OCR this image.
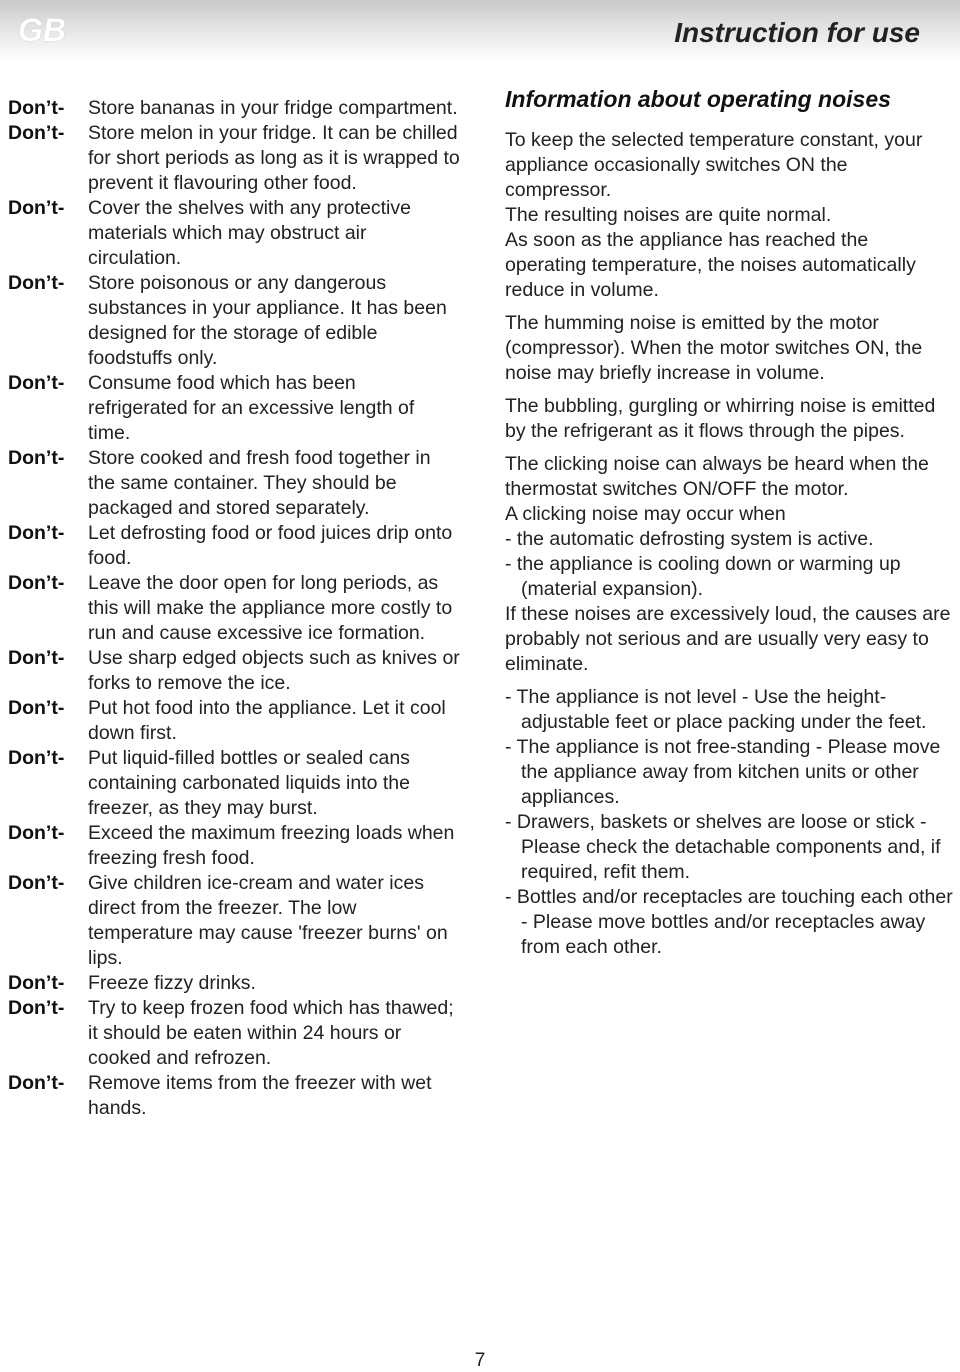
GB	Instruction for use
Don’t-	Store bananas in your fridge compartment.
Don’t-	Store melon in your fridge. It can be chilled for short periods as long as it is wrapped to prevent it flavouring other food.
Don’t-	Cover the shelves with any protective materials which may obstruct air circulation.
Don’t-	Store poisonous or any dangerous substances in your appliance. It has been designed for the storage of edible foodstuffs only.
Don’t-	Consume food which has been refrigerated for an excessive length of time.
Don’t-	Store cooked and fresh food together in the same container. They should be packaged and stored separately.
Don’t-	Let defrosting food or food juices drip onto food.
Don’t-	Leave the door open for long periods, as this will make the appliance more costly to run and cause excessive ice formation.
Don’t-	Use sharp edged objects such as knives or forks to remove the ice.
Don’t-	Put hot food into the appliance. Let it cool down first.
Don’t-	Put liquid-filled bottles or sealed cans containing carbonated liquids into the freezer, as they may burst.
Don’t-	Exceed the maximum freezing loads when freezing fresh food.
Don’t-	Give children ice-cream and water ices direct from the freezer. The low temperature may cause 'freezer burns' on lips.
Don’t-	Freeze fizzy drinks.
Don’t-	Try to keep frozen food which has thawed; it should be eaten within 24 hours or cooked and refrozen.
Don’t-	Remove items from the freezer with wet hands.
Information about operating noises

To keep the selected temperature constant, your appliance occasionally switches ON the compressor.

The resulting noises are quite normal.

As soon as the appliance has reached the operating temperature, the noises automatically reduce in volume.

The humming noise is emitted by the motor (compressor). When the motor switches ON, the noise may briefly increase in volume.

The bubbling, gurgling or whirring noise is emitted by the refrigerant as it flows through the pipes.

The clicking noise can always be heard when the thermostat switches ON/OFF the motor.

A clicking noise may occur when

- the automatic defrosting system is active.

- the appliance is cooling down or warming up (material expansion).

If these noises are excessively loud, the causes are probably not serious and are usually very easy to eliminate.

- The appliance is not level - Use the height-adjustable feet or place packing under the feet.

- The appliance is not free-standing - Please move the appliance away from kitchen units or other appliances.

- Drawers, baskets or shelves are loose or stick - Please check the detachable components and, if required, refit them.

- Bottles and/or receptacles are touching each other - Please move bottles and/or receptacles away from each other.

7
